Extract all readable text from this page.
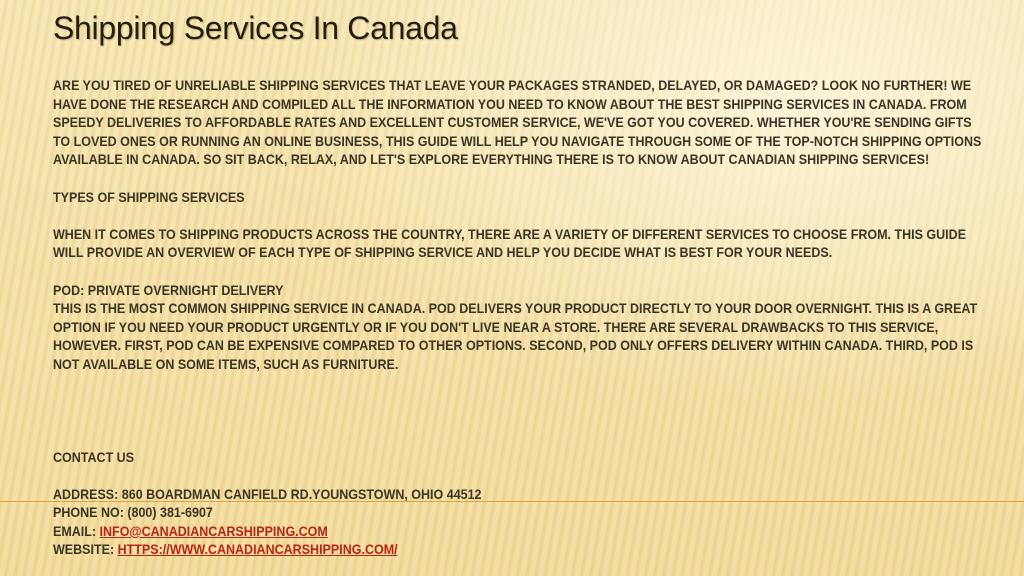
Shipping Services In Canada

ARE YOU TIRED OF UNRELIABLE SHIPPING SERVICES THAT LEAVE YOUR PACKAGES STRANDED, DELAYED, OR DAMAGED? LOOK NO FURTHER! WE HAVE DONE THE RESEARCH AND COMPILED ALL THE INFORMATION YOU NEED TO KNOW ABOUT THE BEST SHIPPING SERVICES IN CANADA. FROM SPEEDY DELIVERIES TO AFFORDABLE RATES AND EXCELLENT CUSTOMER SERVICE, WE'VE GOT YOU COVERED. WHETHER YOU'RE SENDING GIFTS TO LOVED ONES OR RUNNING AN ONLINE BUSINESS, THIS GUIDE WILL HELP YOU NAVIGATE THROUGH SOME OF THE TOP-NOTCH SHIPPING OPTIONS AVAILABLE IN CANADA. SO SIT BACK, RELAX, AND LET'S EXPLORE EVERYTHING THERE IS TO KNOW ABOUT CANADIAN SHIPPING SERVICES!

TYPES OF SHIPPING SERVICES

WHEN IT COMES TO SHIPPING PRODUCTS ACROSS THE COUNTRY, THERE ARE A VARIETY OF DIFFERENT SERVICES TO CHOOSE FROM. THIS GUIDE WILL PROVIDE AN OVERVIEW OF EACH TYPE OF SHIPPING SERVICE AND HELP YOU DECIDE WHAT IS BEST FOR YOUR NEEDS.

POD: PRIVATE OVERNIGHT DELIVERY

THIS IS THE MOST COMMON SHIPPING SERVICE IN CANADA. POD DELIVERS YOUR PRODUCT DIRECTLY TO YOUR DOOR OVERNIGHT. THIS IS A GREAT OPTION IF YOU NEED YOUR PRODUCT URGENTLY OR IF YOU DON'T LIVE NEAR A STORE. THERE ARE SEVERAL DRAWBACKS TO THIS SERVICE, HOWEVER. FIRST, POD CAN BE EXPENSIVE COMPARED TO OTHER OPTIONS. SECOND, POD ONLY OFFERS DELIVERY WITHIN CANADA. THIRD, POD IS NOT AVAILABLE ON SOME ITEMS, SUCH AS FURNITURE.

CONTACT US

ADDRESS: 860 BOARDMAN CANFIELD RD.YOUNGSTOWN, OHIO 44512

PHONE NO: (800) 381-6907

EMAIL: INFO@CANADIANCARSHIPPING.COM

WEBSITE: HTTPS://WWW.CANADIANCARSHIPPING.COM/
